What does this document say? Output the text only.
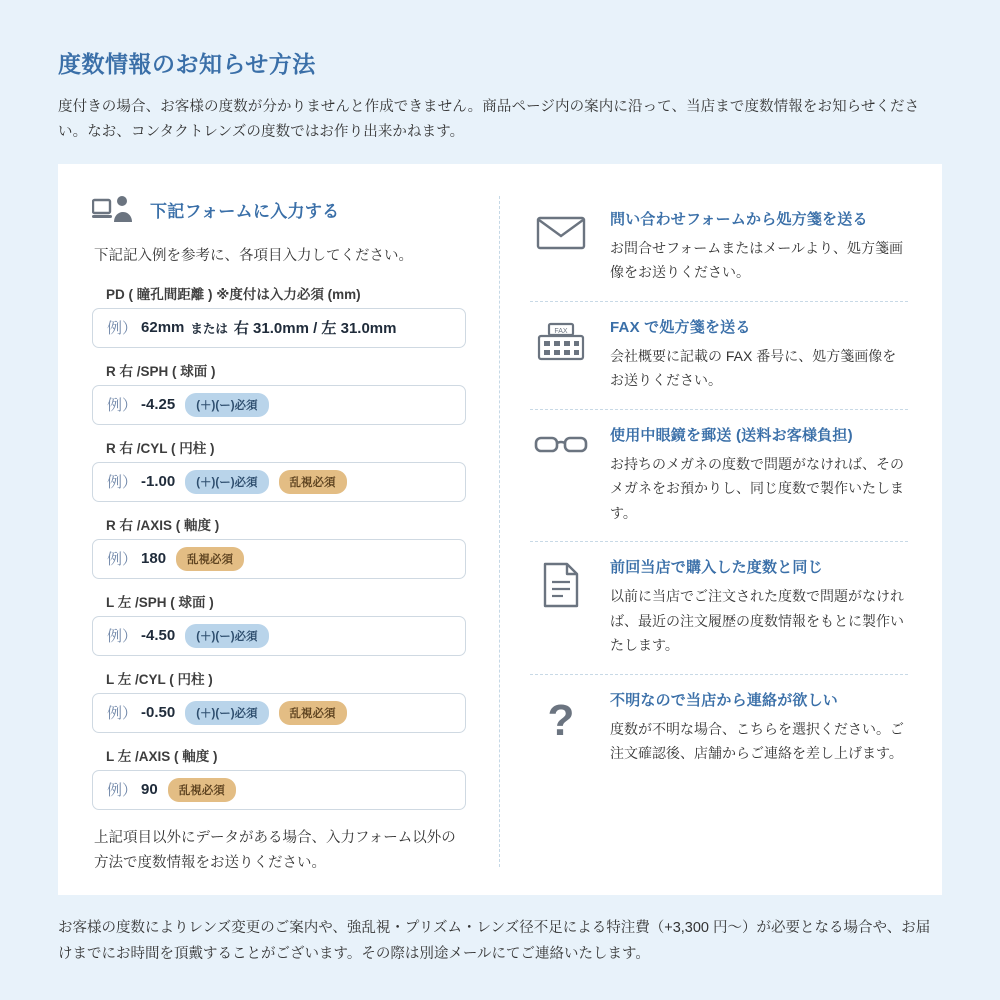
度数情報のお知らせ方法

度付きの場合、お客様の度数が分かりませんと作成できません。商品ページ内の案内に沿って、当店まで度数情報をお知らせください。なお、コンタクトレンズの度数ではお作り出来かねます。

下記フォームに入力する

下記記入例を参考に、各項目入力してください。

PD ( 瞳孔間距離 ) ※度付は入力必須 (mm)
例） 62mm または 右 31.0mm / 左 31.0mm
R 右 /SPH ( 球面 )
例） -4.25	(＋)(ー)必須
R 右 /CYL ( 円柱 )
例） -1.00	(＋)(ー)必須	乱視必須
R 右 /AXIS ( 軸度 )
例） 180	乱視必須
L 左 /SPH ( 球面 )
例） -4.50	(＋)(ー)必須
L 左 /CYL ( 円柱 )
例） -0.50	(＋)(ー)必須	乱視必須
L 左 /AXIS ( 軸度 )
例） 90	乱視必須

上記項目以外にデータがある場合、入力フォーム以外の方法で度数情報をお送りください。

問い合わせフォームから処方箋を送る
お問合せフォームまたはメールより、処方箋画像をお送りください。
FAX	FAX で処方箋を送る
会社概要に記載の FAX 番号に、処方箋画像をお送りください。
使用中眼鏡を郵送 (送料お客様負担)
お持ちのメガネの度数で問題がなければ、そのメガネをお預かりし、同じ度数で製作いたします。
前回当店で購入した度数と同じ
以前に当店でご注文された度数で問題がなければ、最近の注文履歴の度数情報をもとに製作いたします。
? 不明なので当店から連絡が欲しい
度数が不明な場合、こちらを選択ください。ご注文確認後、店舗からご連絡を差し上げます。

お客様の度数によりレンズ変更のご案内や、強乱視・プリズム・レンズ径不足による特注費（+3,300 円〜）が必要となる場合や、お届けまでにお時間を頂戴することがございます。その際は別途メールにてご連絡いたします。
